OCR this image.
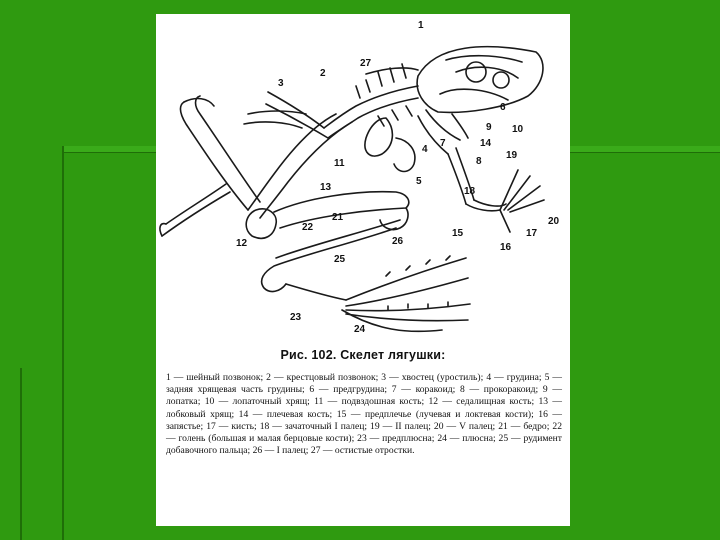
1
2
3
4
5
6
7
8
9 10
11
12
13
14
15
16
17
18
19
20
21
22
23
24
25
26
27
Рис. 102. Скелет лягушки:
1 — шейный позвонок; 2 — крестцовый позвонок; 3 — хвостец (уростиль); 4 — грудина; 5 — задняя хрящевая часть грудины; 6 — предгрудина; 7 — коракоид; 8 — прокоракоид; 9 — лопатка; 10 — лопаточный хрящ; 11 — подвздошная кость; 12 — седалищная кость; 13 — лобковый хрящ; 14 — плечевая кость; 15 — предплечье (лучевая и локтевая кости); 16 — запястье; 17 — кисть; 18 — зачаточный I палец; 19 — II палец; 20 — V палец; 21 — бедро; 22 — голень (большая и малая берцовые кости); 23 — предплюсна; 24 — плюсна; 25 — рудимент добавочного пальца; 26 — I палец; 27 — остистые отростки.
